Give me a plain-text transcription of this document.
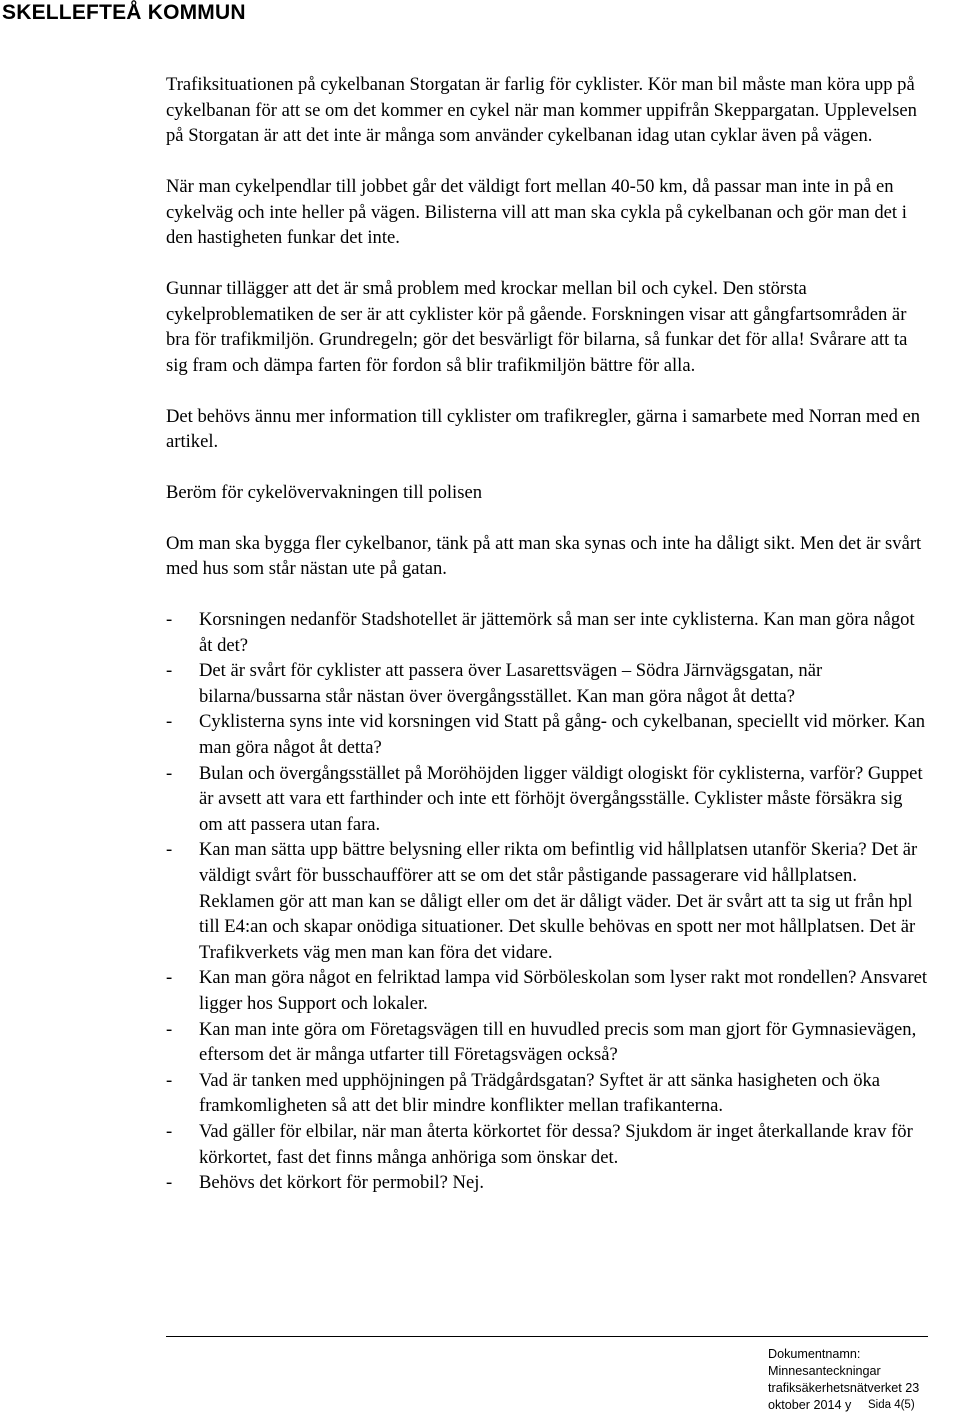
SKELLEFTEÅ KOMMUN

Trafiksituationen på cykelbanan Storgatan är farlig för cyklister. Kör man bil måste man köra upp på cykelbanan för att se om det kommer en cykel när man kommer uppifrån Skeppargatan. Upplevelsen på Storgatan är att det inte är många som använder cykelbanan idag utan cyklar även på vägen.

När man cykelpendlar till jobbet går det väldigt fort mellan 40-50 km, då passar man inte in på en cykelväg och inte heller på vägen. Bilisterna vill att man ska cykla på cykelbanan och gör man det i den hastigheten funkar det inte.

Gunnar tillägger att det är små problem med krockar mellan bil och cykel. Den största cykelproblematiken de ser är att cyklister kör på gående. Forskningen visar att gångfartsområden är bra för trafikmiljön. Grundregeln; gör det besvärligt för bilarna, så funkar det för alla! Svårare att ta sig fram och dämpa farten för fordon så blir trafikmiljön bättre för alla.

Det behövs ännu mer information till cyklister om trafikregler, gärna i samarbete med Norran med en artikel.

Beröm för cykelövervakningen till polisen

Om man ska bygga fler cykelbanor, tänk på att man ska synas och inte ha dåligt sikt. Men det är svårt med hus som står nästan ute på gatan.

- Korsningen nedanför Stadshotellet är jättemörk så man ser inte cyklisterna. Kan man göra något åt det?
- Det är svårt för cyklister att passera över Lasarettsvägen – Södra Järnvägsgatan, när bilarna/bussarna står nästan över övergångsstället. Kan man göra något åt detta?
- Cyklisterna syns inte vid korsningen vid Statt på gång- och cykelbanan, speciellt vid mörker. Kan man göra något åt detta?
- Bulan och övergångsstället på Moröhöjden ligger väldigt ologiskt för cyklisterna, varför? Guppet är avsett att vara ett farthinder och inte ett förhöjt övergångsställe. Cyklister måste försäkra sig om att passera utan fara.
- Kan man sätta upp bättre belysning eller rikta om befintlig vid hållplatsen utanför Skeria? Det är väldigt svårt för busschaufförer att se om det står påstigande passagerare vid hållplatsen. Reklamen gör att man kan se dåligt eller om det är dåligt väder. Det är svårt att ta sig ut från hpl till E4:an och skapar onödiga situationer. Det skulle behövas en spott ner mot hållplatsen. Det är Trafikverkets väg men man kan föra det vidare.
- Kan man göra något en felriktad lampa vid Sörböleskolan som lyser rakt mot rondellen? Ansvaret ligger hos Support och lokaler.
- Kan man inte göra om Företagsvägen till en huvudled precis som man gjort för Gymnasievägen, eftersom det är många utfarter till Företagsvägen också?
- Vad är tanken med upphöjningen på Trädgårdsgatan? Syftet är att sänka hasigheten och öka framkomligheten så att det blir mindre konflikter mellan trafikanterna.
- Vad gäller för elbilar, när man återta körkortet för dessa? Sjukdom är inget återkallande krav för körkortet, fast det finns många anhöriga som önskar det.
- Behövs det körkort för permobil? Nej.
Dokumentnamn:
Minnesanteckningar
trafiksäkerhetsnätverket 23
oktober 2014 y	Sida 4(5)
